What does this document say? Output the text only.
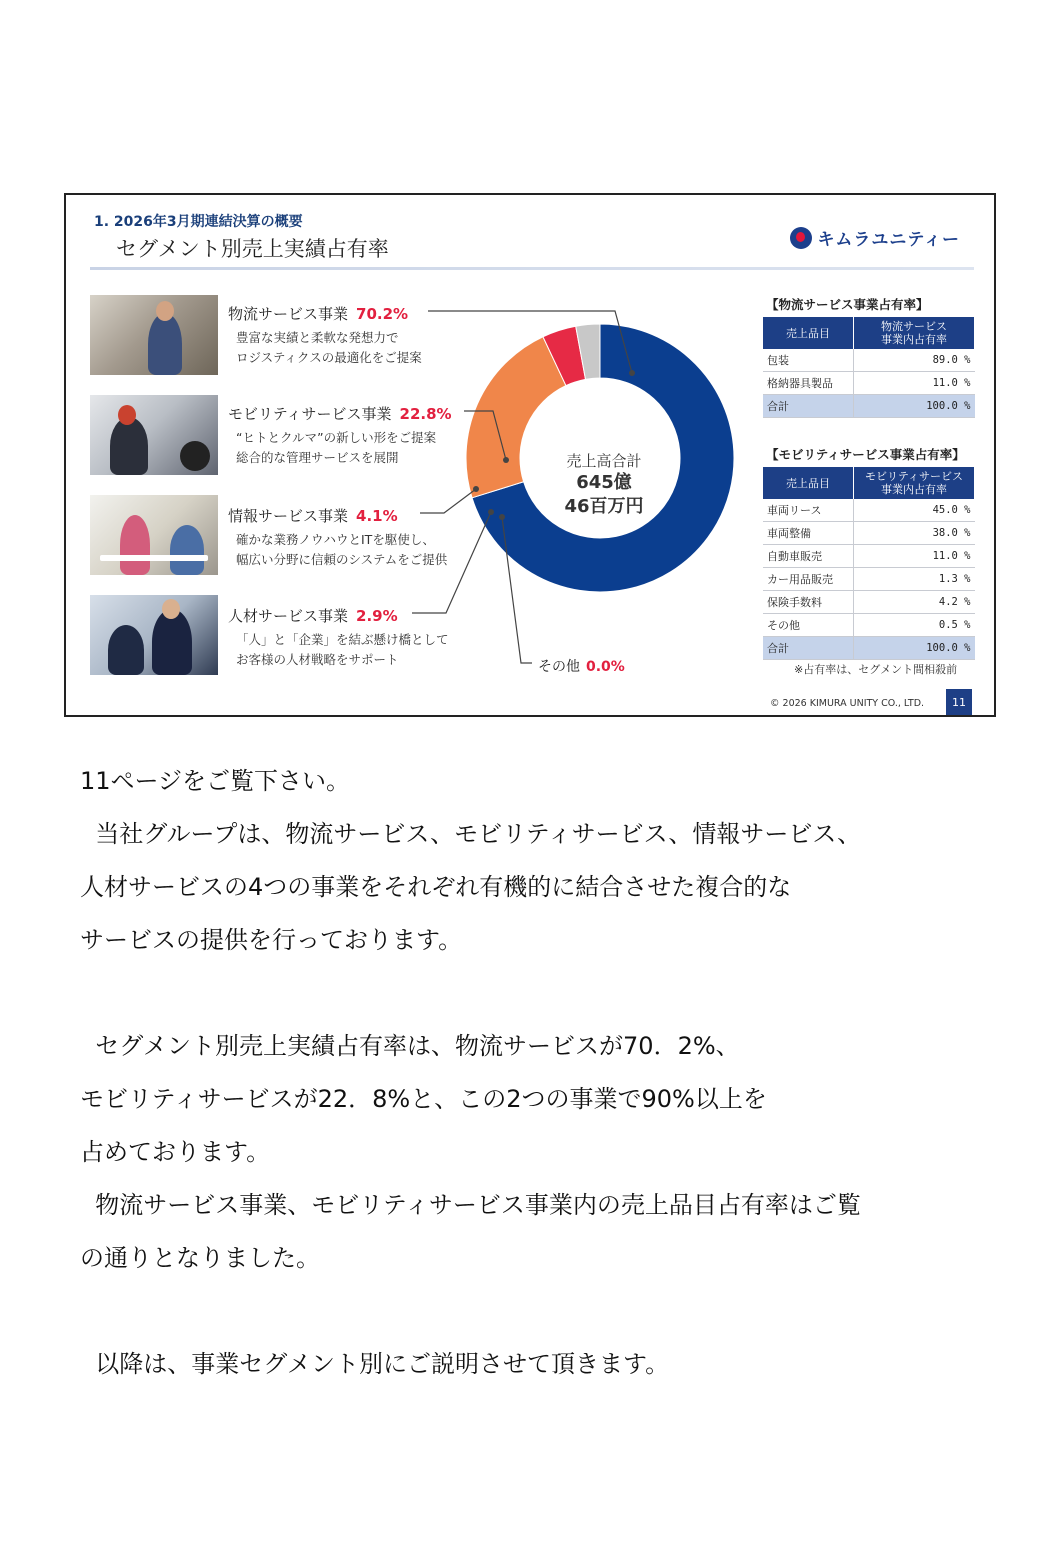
1. 2026年3月期連結決算の概要
セグメント別売上実績占有率	キムラユニティー
物流サービス事業 70.2%
豊富な実績と柔軟な発想力で
ロジスティクスの最適化をご提案
モビリティサービス事業 22.8%
“ヒトとクルマ”の新しい形をご提案
総合的な管理サービスを展開
情報サービス事業 4.1%
確かな業務ノウハウとITを駆使し、
幅広い分野に信頼のシステムをご提供
人材サービス事業 2.9%
「人」と「企業」を結ぶ懸け橋として
お客様の人材戦略をサポート
売上高合計
645億
46百万円
その他 0.0%
【物流サービス事業占有率】
売上品目	物流サービス
事業内占有率
包装	89.0 %
格納器具製品	11.0 %
合計	100.0 %
【モビリティサービス事業占有率】
売上品目	モビリティサービス
事業内占有率
車両リース	45.0 %
車両整備	38.0 %
自動車販売	11.0 %
カー用品販売	1.3 %
保険手数料	4.2 %
その他	0.5 %
合計	100.0 %
※占有率は、セグメント間相殺前
© 2026 KIMURA UNITY CO., LTD.	11

11ページをご覧下さい。

当社グループは、物流サービス、モビリティサービス、情報サービス、

人材サービスの4つの事業をそれぞれ有機的に結合させた複合的な

サービスの提供を行っております。

セグメント別売上実績占有率は、物流サービスが70．2%、

モビリティサービスが22．8%と、この2つの事業で90%以上を

占めております。

物流サービス事業、モビリティサービス事業内の売上品目占有率はご覧

の通りとなりました。

以降は、事業セグメント別にご説明させて頂きます。
